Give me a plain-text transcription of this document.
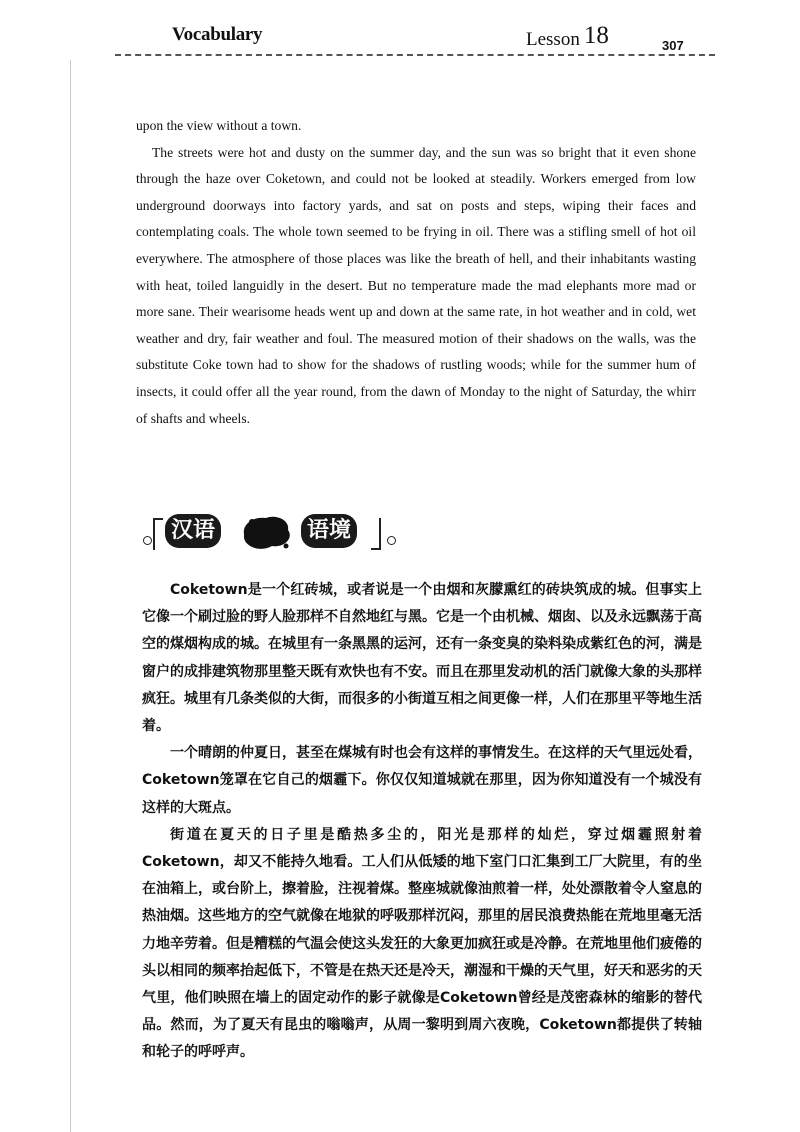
Vocabulary	Lesson 18	307

upon the view without a town.

The streets were hot and dusty on the summer day, and the sun was so bright that it even shone through the haze over Coketown, and could not be looked at steadily. Workers emerged from low underground doorways into factory yards, and sat on posts and steps, wiping their faces and contemplating coals. The whole town seemed to be frying in oil. There was a stifling smell of hot oil everywhere. The atmosphere of those places was like the breath of hell, and their inhabitants wasting with heat, toiled languidly in the desert. But no temperature made the mad elephants more mad or more sane. Their wearisome heads went up and down at the same rate, in hot weather and in cold, wet weather and dry, fair weather and foul. The measured motion of their shadows on the walls, was the substitute Coke town had to show for the shadows of rustling woods; while for the summer hum of insects, it could offer all the year round, from the dawn of Monday to the night of Saturday, the whirr of shafts and wheels.

汉语	语境

Coketown是一个红砖城，或者说是一个由烟和灰朦熏红的砖块筑成的城。但事实上它像一个刷过脸的野人脸那样不自然地红与黑。它是一个由机械、烟囱、以及永远飘荡于高空的煤烟构成的城。在城里有一条黑黑的运河，还有一条变臭的染料染成紫红色的河，满是窗户的成排建筑物那里整天既有欢快也有不安。而且在那里发动机的活门就像大象的头那样疯狂。城里有几条类似的大街，而很多的小街道互相之间更像一样，人们在那里平等地生活着。

一个晴朗的仲夏日，甚至在煤城有时也会有这样的事情发生。在这样的天气里远处看，Coketown笼罩在它自己的烟霾下。你仅仅知道城就在那里，因为你知道没有一个城没有这样的大斑点。

街道在夏天的日子里是酷热多尘的，阳光是那样的灿烂，穿过烟霾照射着Coketown，却又不能持久地看。工人们从低矮的地下室门口汇集到工厂大院里，有的坐在油箱上，或台阶上，擦着脸，注视着煤。整座城就像油煎着一样，处处漂散着令人窒息的热油烟。这些地方的空气就像在地狱的呼吸那样沉闷，那里的居民浪费热能在荒地里毫无活力地辛劳着。但是糟糕的气温会使这头发狂的大象更加疯狂或是冷静。在荒地里他们疲倦的头以相同的频率抬起低下，不管是在热天还是冷天，潮湿和干燥的天气里，好天和恶劣的天气里，他们映照在墙上的固定动作的影子就像是Coketown曾经是茂密森林的缩影的替代品。然而，为了夏天有昆虫的嗡嗡声，从周一黎明到周六夜晚，Coketown都提供了转轴和轮子的呼呼声。
